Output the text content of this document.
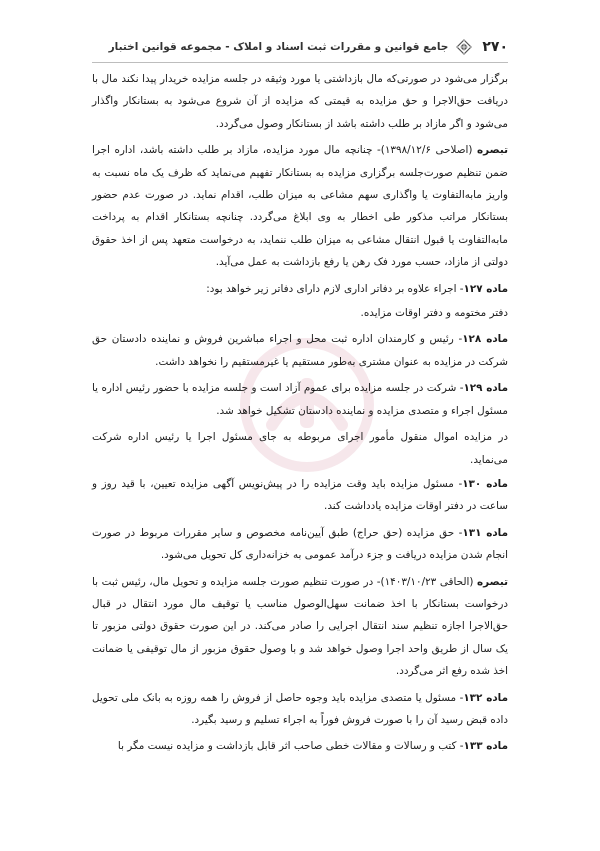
۲۷۰
جامع قوانین و مقررات ثبت اسناد و املاک - مجموعه قوانین اختبار

برگزار می‌شود در صورتی‌که مال بازداشتی یا مورد وثیقه در جلسه مزایده خریدار پیدا نکند مال با دریافت حق‌الاجرا و حق مزایده به قیمتی که مزایده از آن شروع می‌شود به بستانکار واگذار می‌شود و اگر مازاد بر طلب داشته باشد از بستانکار وصول می‌گردد.

تبصره (اصلاحی ۱۳۹۸/۱۲/۶)- چنانچه مال مورد مزایده، مازاد بر طلب داشته باشد، اداره اجرا ضمن تنظیم صورت‌جلسه برگزاری مزایده به بستانکار تفهیم می‌نماید که ظرف یک ماه نسبت به واریز مابه‌التفاوت یا واگذاری سهم مشاعی به میزان طلب، اقدام نماید. در صورت عدم حضور بستانکار مراتب مذکور طی اخطار به وی ابلاغ می‌گردد. چنانچه بستانکار اقدام به پرداخت مابه‌التفاوت یا قبول انتقال مشاعی به میزان طلب ننماید، به درخواست متعهد پس از اخذ حقوق دولتی از مازاد، حسب مورد فک رهن یا رفع بازداشت به عمل می‌آید.

ماده ۱۲۷- اجراء علاوه بر دفاتر اداری لازم دارای دفاتر زیر خواهد بود:

دفتر مختومه و دفتر اوقات مزایده.

ماده ۱۲۸- رئیس و کارمندان اداره ثبت محل و اجراء مباشرین فروش و نماینده دادستان حق شرکت در مزایده به عنوان مشتری به‌طور مستقیم یا غیرمستقیم را نخواهد داشت.

ماده ۱۲۹- شرکت در جلسه مزایده برای عموم آزاد است و جلسه مزایده با حضور رئیس اداره یا مسئول اجراء و متصدی مزایده و نماینده دادستان تشکیل خواهد شد.

در مزایده اموال منقول مأمور اجرای مربوطه به جای مسئول اجرا یا رئیس اداره شرکت می‌نماید.

ماده ۱۳۰- مسئول مزایده باید وقت مزایده را در پیش‌نویس آگهی مزایده تعیین، با قید روز و ساعت در دفتر اوقات مزایده یادداشت کند.

ماده ۱۳۱- حق مزایده (حق حراج) طبق آیین‌نامه مخصوص و سایر مقررات مربوط در صورت انجام شدن مزایده دریافت و جزء درآمد عمومی به خزانه‌داری کل تحویل می‌شود.

تبصره (الحاقی ۱۴۰۳/۱۰/۲۳)- در صورت تنظیم صورت جلسه مزایده و تحویل مال، رئیس ثبت با درخواست بستانکار با اخذ ضمانت سهل‌الوصول مناسب یا توقیف مال مورد انتقال در قبال حق‌الاجرا اجازه تنظیم سند انتقال اجرایی را صادر می‌کند. در این صورت حقوق دولتی مزبور تا یک سال از طریق واحد اجرا وصول خواهد شد و با وصول حقوق مزبور از مال توقیفی یا ضمانت اخذ شده رفع اثر می‌گردد.

ماده ۱۳۲- مسئول یا متصدی مزایده باید وجوه حاصل از فروش را همه روزه به بانک ملی تحویل داده قبض رسید آن را با صورت فروش فوراً به اجراء تسلیم و رسید بگیرد.

ماده ۱۳۳- کتب و رسالات و مقالات خطی صاحب اثر قابل بازداشت و مزایده نیست مگر با
